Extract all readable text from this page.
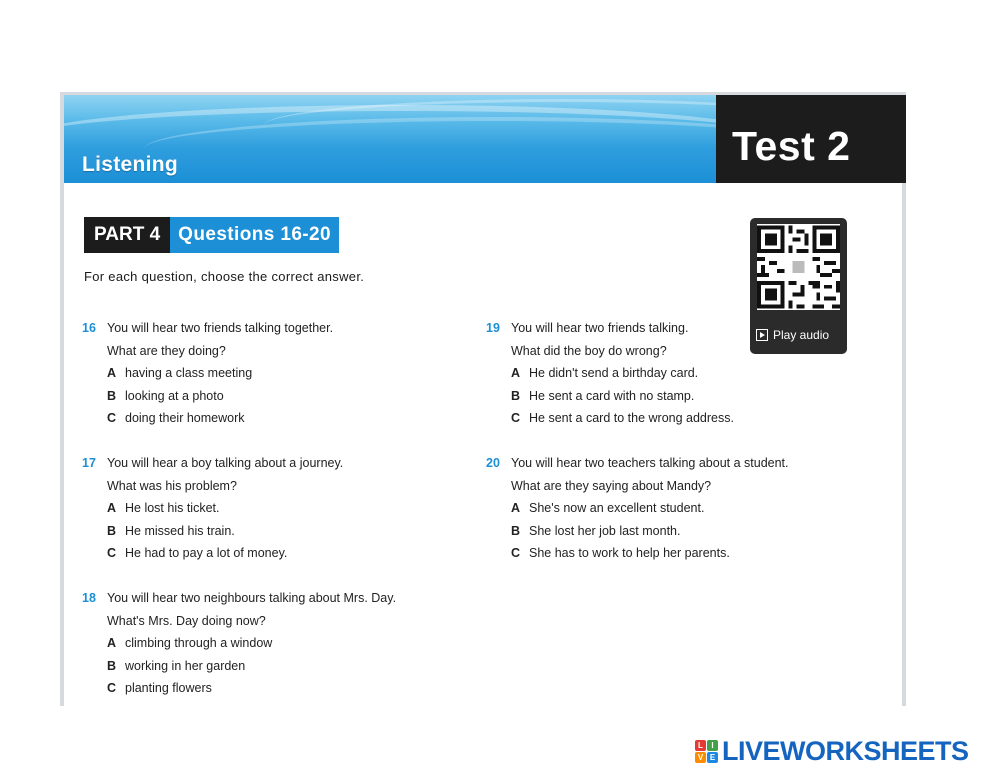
Listening	Test 2
PART 4 Questions 16-20
For each question, choose the correct answer.
Play audio
16 You will hear two friends talking together.
What are they doing?
A having a class meeting
B looking at a photo
C doing their homework
17 You will hear a boy talking about a journey.
What was his problem?
A He lost his ticket.
B He missed his train.
C He had to pay a lot of money.
18 You will hear two neighbours talking about Mrs. Day.
What's Mrs. Day doing now?
A climbing through a window
B working in her garden
C planting flowers
19 You will hear two friends talking.
What did the boy do wrong?
A He didn't send a birthday card.
B He sent a card with no stamp.
C He sent a card to the wrong address.
20 You will hear two teachers talking about a student.
What are they saying about Mandy?
A She's now an excellent student.
B She lost her job last month.
C She has to work to help her parents.
L	I
V E LIVEWORKSHEETS
